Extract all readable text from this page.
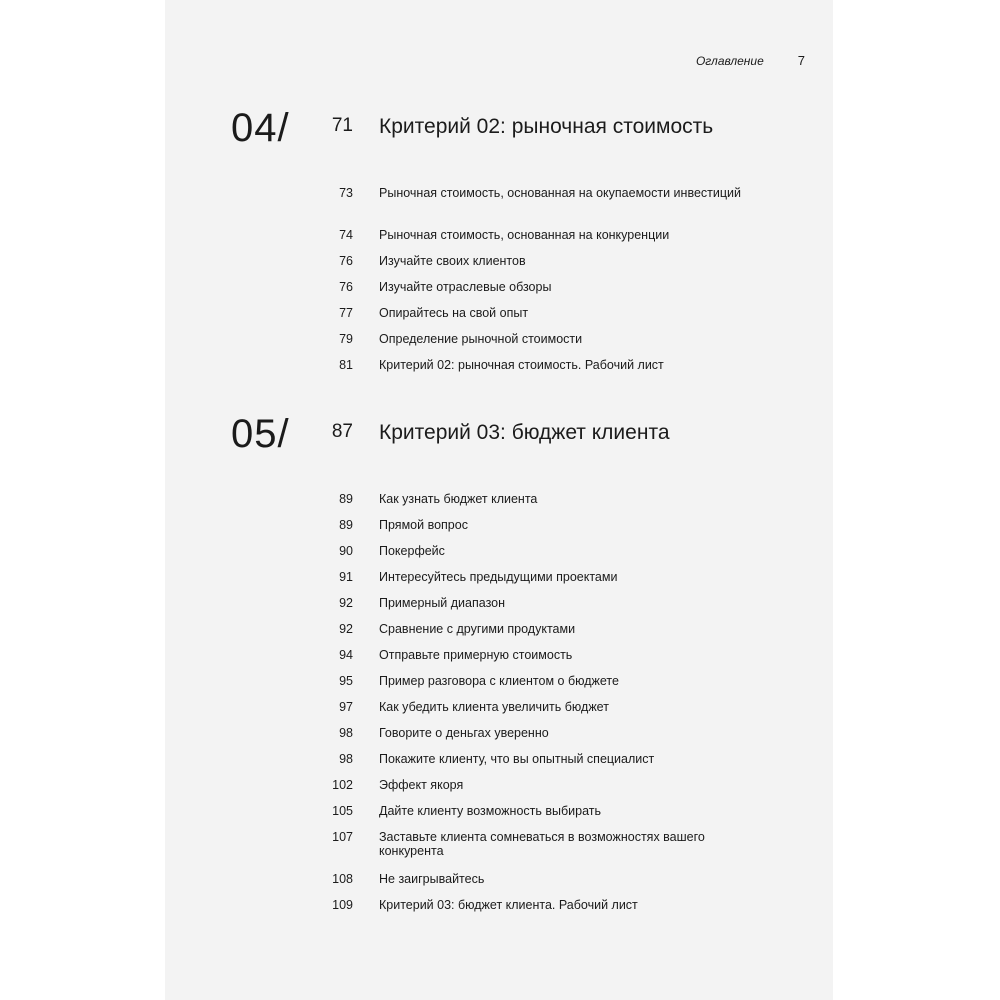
Оглавление	7
04/ 71 Критерий 02: рыночная стоимость
73 Рыночная стоимость, основанная на окупаемости инвестиций
74 Рыночная стоимость, основанная на конкуренции
76 Изучайте своих клиентов
76 Изучайте отраслевые обзоры
77 Опирайтесь на свой опыт
79 Определение рыночной стоимости
81 Критерий 02: рыночная стоимость. Рабочий лист
05/ 87 Критерий 03: бюджет клиента
89 Как узнать бюджет клиента
89 Прямой вопрос
90 Покерфейс
91 Интересуйтесь предыдущими проектами
92 Примерный диапазон
92 Сравнение с другими продуктами
94 Отправьте примерную стоимость
95 Пример разговора с клиентом о бюджете
97 Как убедить клиента увеличить бюджет
98 Говорите о деньгах уверенно
98 Покажите клиенту, что вы опытный специалист
102 Эффект якоря
105 Дайте клиенту возможность выбирать
107 Заставьте клиента сомневаться в возможностях вашего конкурента
108 Не заигрывайтесь
109 Критерий 03: бюджет клиента. Рабочий лист
